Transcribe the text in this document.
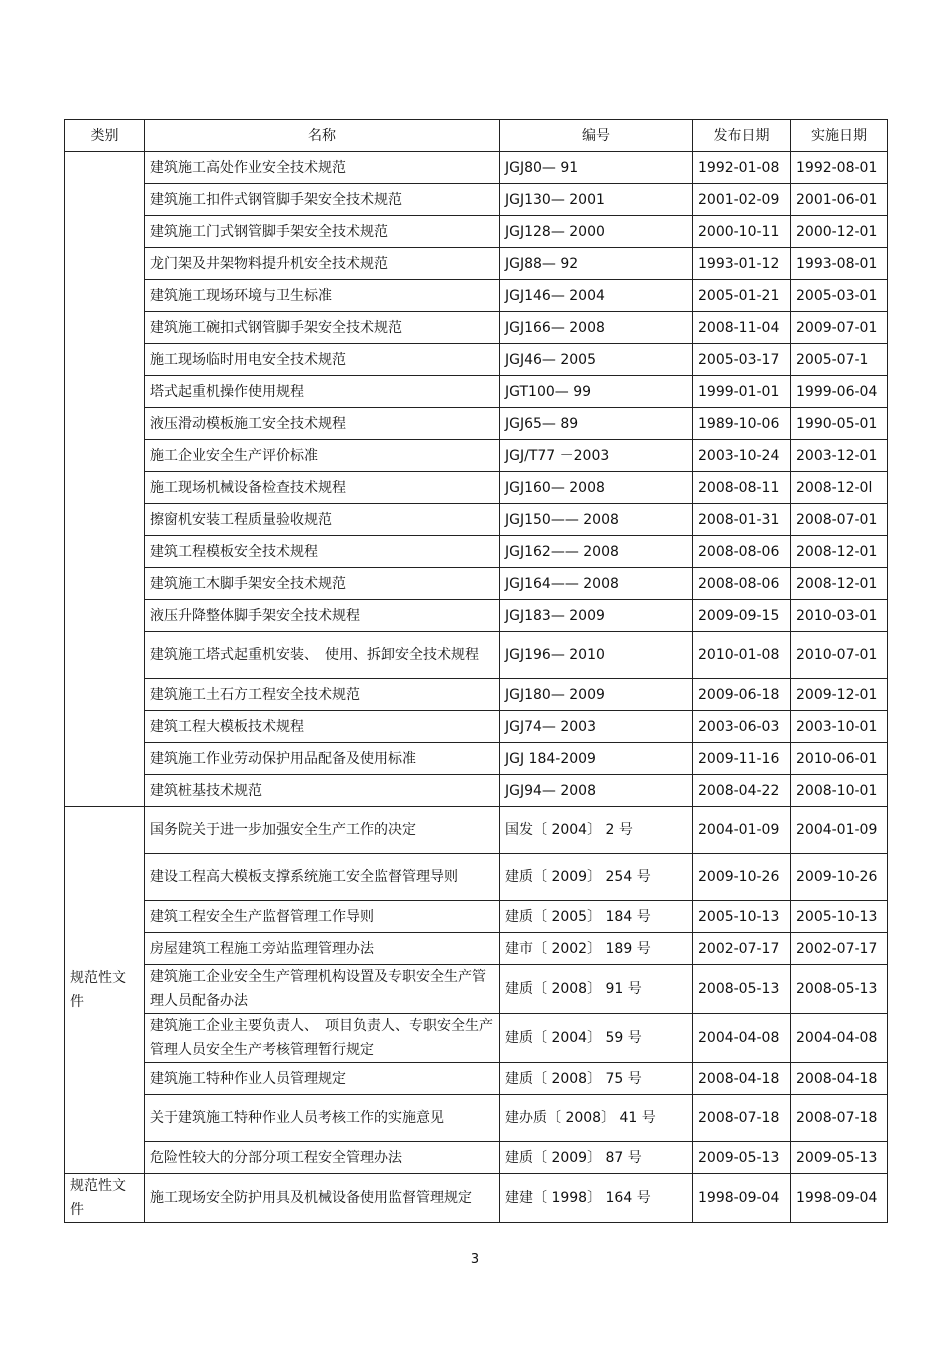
类别	名称	编号	发布日期	实施日期
	建筑施工高处作业安全技术规范	JGJ80— 91	1992-01-08	1992-08-01
	建筑施工扣件式钢管脚手架安全技术规范	JGJ130— 2001	2001-02-09	2001-06-01
	建筑施工门式钢管脚手架安全技术规范	JGJ128— 2000	2000-10-11	2000-12-01
	龙门架及井架物料提升机安全技术规范	JGJ88— 92	1993-01-12	1993-08-01
	建筑施工现场环境与卫生标准	JGJ146— 2004	2005-01-21	2005-03-01
	建筑施工碗扣式钢管脚手架安全技术规范	JGJ166— 2008	2008-11-04	2009-07-01
	施工现场临时用电安全技术规范	JGJ46— 2005	2005-03-17	2005-07-1
	塔式起重机操作使用规程	JGT100— 99	1999-01-01	1999-06-04
	液压滑动模板施工安全技术规程	JGJ65— 89	1989-10-06	1990-05-01
	施工企业安全生产评价标准	JGJ/T77 －2003	2003-10-24	2003-12-01
	施工现场机械设备检查技术规程	JGJ160— 2008	2008-08-11	2008-12-0l
	擦窗机安装工程质量验收规范	JGJ150—— 2008	2008-01-31	2008-07-01
	建筑工程模板安全技术规程	JGJ162—— 2008	2008-08-06	2008-12-01
	建筑施工木脚手架安全技术规范	JGJ164—— 2008	2008-08-06	2008-12-01
	液压升降整体脚手架安全技术规程	JGJ183— 2009	2009-09-15	2010-03-01
	建筑施工塔式起重机安装、　使用、拆卸安全技术规程	JGJ196— 2010	2010-01-08	2010-07-01
	建筑施工土石方工程安全技术规范	JGJ180— 2009	2009-06-18	2009-12-01
	建筑工程大模板技术规程	JGJ74— 2003	2003-06-03	2003-10-01
	建筑施工作业劳动保护用品配备及使用标准	JGJ 184-2009	2009-11-16	2010-06-01
	建筑桩基技术规范	JGJ94— 2008	2008-04-22	2008-10-01
规范性文件	国务院关于进一步加强安全生产工作的决定	国发〔 2004〕 2 号	2004-01-09	2004-01-09
	建设工程高大模板支撑系统施工安全监督管理导则	建质〔 2009〕 254 号	2009-10-26	2009-10-26
	建筑工程安全生产监督管理工作导则	建质〔 2005〕 184 号	2005-10-13	2005-10-13
	房屋建筑工程施工旁站监理管理办法	建市〔 2002〕 189 号	2002-07-17	2002-07-17
	建筑施工企业安全生产管理机构设置及专职安全生产管理人员配备办法	建质〔 2008〕 91 号	2008-05-13	2008-05-13
	建筑施工企业主要负责人、　项目负责人、专职安全生产管理人员安全生产考核管理暂行规定	建质〔 2004〕 59 号	2004-04-08	2004-04-08
	建筑施工特种作业人员管理规定	建质〔 2008〕 75 号	2008-04-18	2008-04-18
	关于建筑施工特种作业人员考核工作的实施意见	建办质〔 2008〕 41 号	2008-07-18	2008-07-18
	危险性较大的分部分项工程安全管理办法	建质〔 2009〕 87 号	2009-05-13	2009-05-13
规范性文件	施工现场安全防护用具及机械设备使用监督管理规定	建建〔 1998〕 164 号	1998-09-04	1998-09-04
3
